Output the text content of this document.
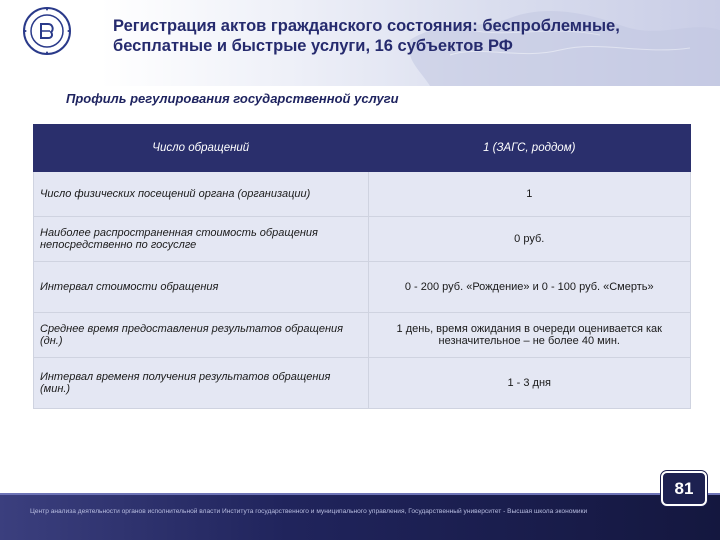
Регистрация актов гражданского состояния: беспроблемные,
бесплатные и быстрые услуги, 16 субъектов РФ
Профиль регулирования государственной услуги
Число обращений	1 (ЗАГС, роддом)
Число физических посещений органа (организации)	1
Наиболее распространенная стоимость обращения непосредственно по госуслге	0 руб.
Интервал стоимости обращения	0 - 200 руб. «Рождение» и 0 - 100 руб. «Смерть»
Среднее время предоставления результатов обращения (дн.)	1 день, время ожидания в очереди оценивается как незначительное – не более 40 мин.
Интервал временя получения результатов обращения (мин.)	1 - 3 дня
Центр анализа деятельности органов исполнительной власти Института государственного и муниципального управления, Государственный университет - Высшая школа экономики
81
